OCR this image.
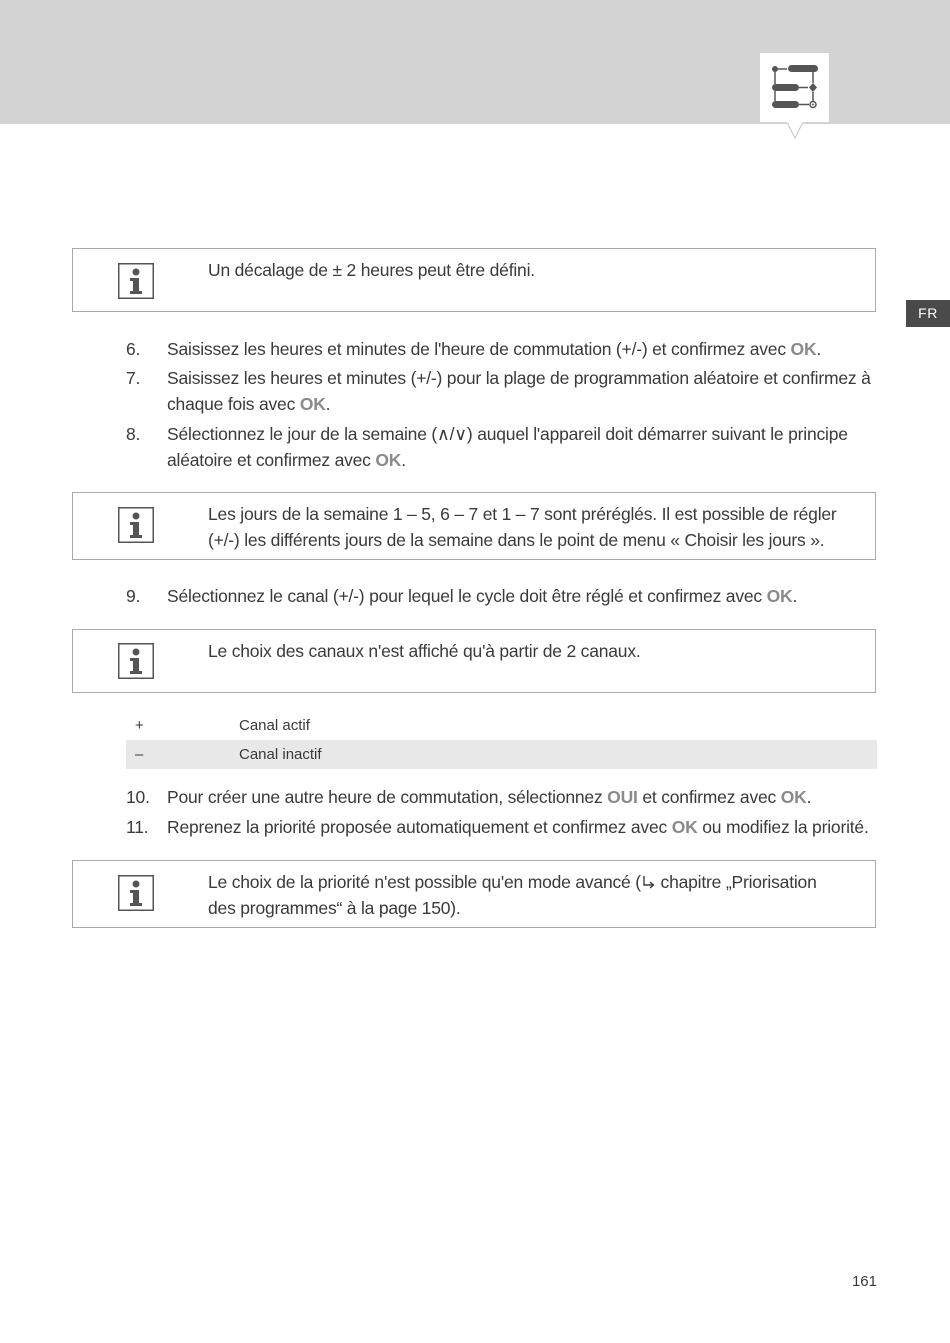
FR
Un décalage de ± 2 heures peut être défini.
6. Saisissez les heures et minutes de l'heure de commutation (+/-) et confirmez avec OK.
7. Saisissez les heures et minutes (+/-) pour la plage de programmation aléatoire et confirmez à chaque fois avec OK.
8. Sélectionnez le jour de la semaine (∧/∨) auquel l'appareil doit démarrer suivant le principe aléatoire et confirmez avec OK.
Les jours de la semaine 1 – 5, 6 – 7 et 1 – 7 sont préréglés. Il est possible de régler (+/-) les différents jours de la semaine dans le point de menu « Choisir les jours ».
9. Sélectionnez le canal (+/-) pour lequel le cycle doit être réglé et confirmez avec OK.
Le choix des canaux n'est affiché qu'à partir de 2 canaux.
+	Canal actif
–	Canal inactif
10. Pour créer une autre heure de commutation, sélectionnez OUI et confirmez avec OK.
11. Reprenez la priorité proposée automatiquement et confirmez avec OK ou modifiez la priorité.
Le choix de la priorité n'est possible qu'en mode avancé ( chapitre „Priorisation des programmes“ à la page 150).
161
